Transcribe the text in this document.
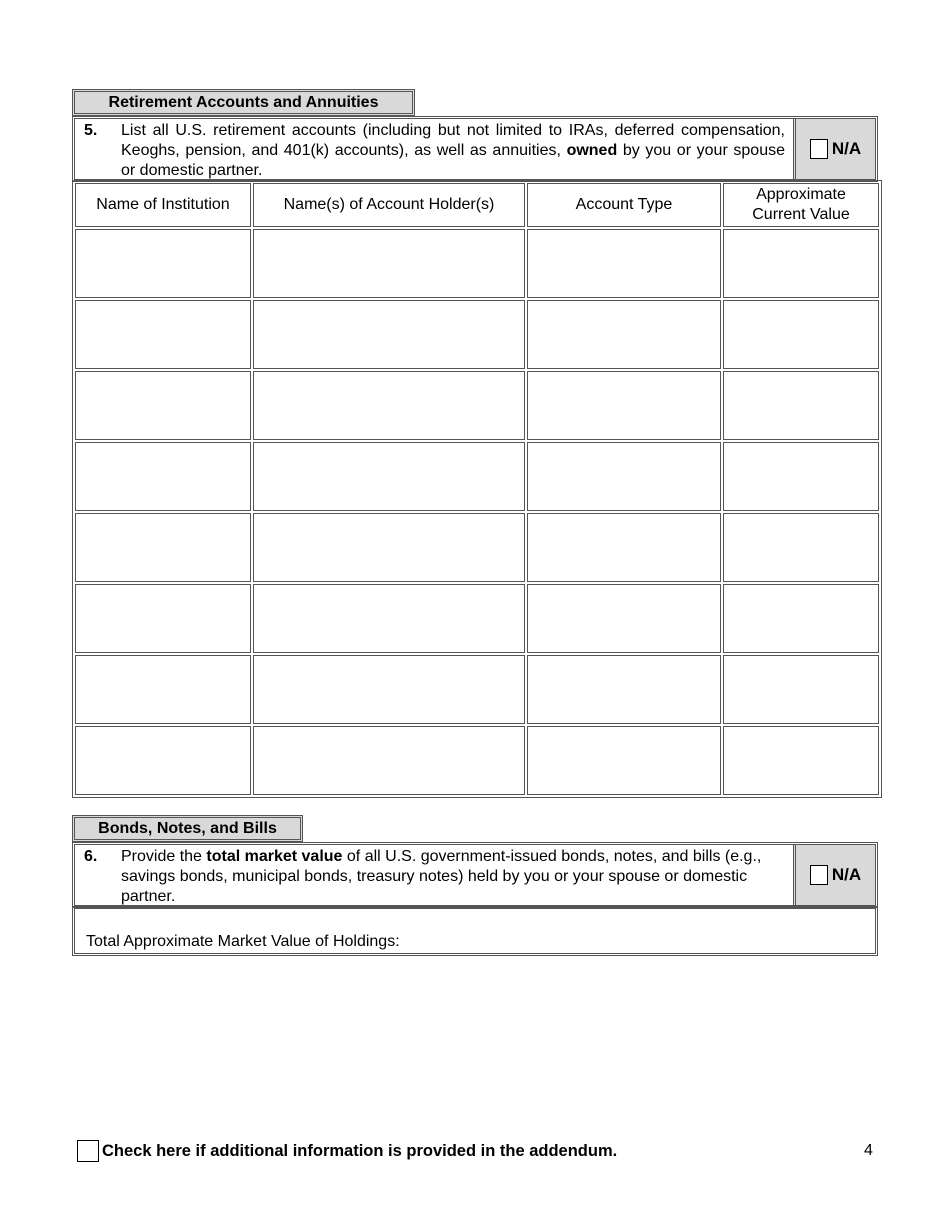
Retirement Accounts and Annuities
5.	List all U.S. retirement accounts (including but not limited to IRAs, deferred compensation, Keoghs, pension, and 401(k) accounts), as well as annuities, owned by you or your spouse or domestic partner.
N/A
Name of Institution	Name(s) of Account Holder(s)	Account Type	Approximate Current Value

Bonds, Notes, and Bills
6.	Provide the total market value of all U.S. government-issued bonds, notes, and bills (e.g., savings bonds, municipal bonds, treasury notes) held by you or your spouse or domestic partner.
N/A
Total Approximate Market Value of Holdings:
Check here if additional information is provided in the addendum.	4
